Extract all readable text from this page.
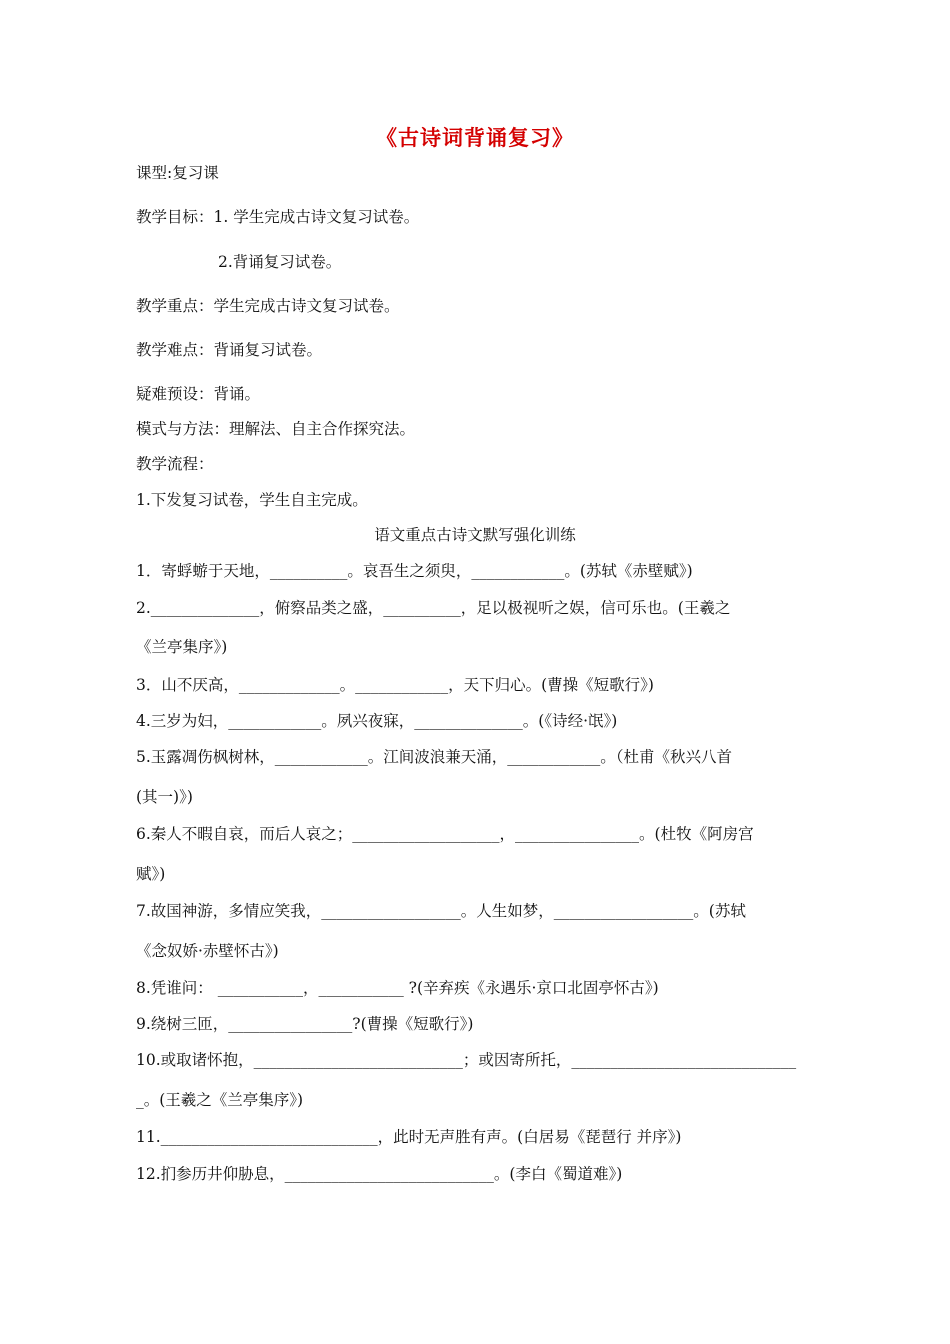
《古诗词背诵复习》
课型:复习课
教学目标：1. 学生完成古诗文复习试卷。
2.背诵复习试卷。
教学重点：学生完成古诗文复习试卷。
教学难点：背诵复习试卷。
疑难预设：背诵。
模式与方法：理解法、自主合作探究法。
教学流程：
1.下发复习试卷，学生自主完成。
语文重点古诗文默写强化训练
1．寄蜉蝣于天地，__________。哀吾生之须臾，____________。(苏轼《赤壁赋》)
2.______________，俯察品类之盛，__________，足以极视听之娱，信可乐也。(王羲之
《兰亭集序》)
3．山不厌高，_____________。____________，天下归心。(曹操《短歌行》)
4.三岁为妇，____________。夙兴夜寐，______________。(《诗经·氓》)
5.玉露凋伤枫树林，____________。江间波浪兼天涌，____________。（杜甫《秋兴八首
(其一)》)
6.秦人不暇自哀，而后人哀之；___________________，________________。(杜牧《阿房宫
赋》)
7.故国神游，多情应笑我，__________________。人生如梦，__________________。(苏轼
《念奴娇·赤壁怀古》)
8.凭谁问： ___________，___________ ?(辛弃疾《永遇乐·京口北固亭怀古》)
9.绕树三匝，________________?(曹操《短歌行》)
10.或取诸怀抱，___________________________；或因寄所托，_____________________________
_。(王羲之《兰亭集序》)
11.____________________________，此时无声胜有声。(白居易《琵琶行 并序》)
12.扪参历井仰胁息，___________________________。(李白《蜀道难》)
